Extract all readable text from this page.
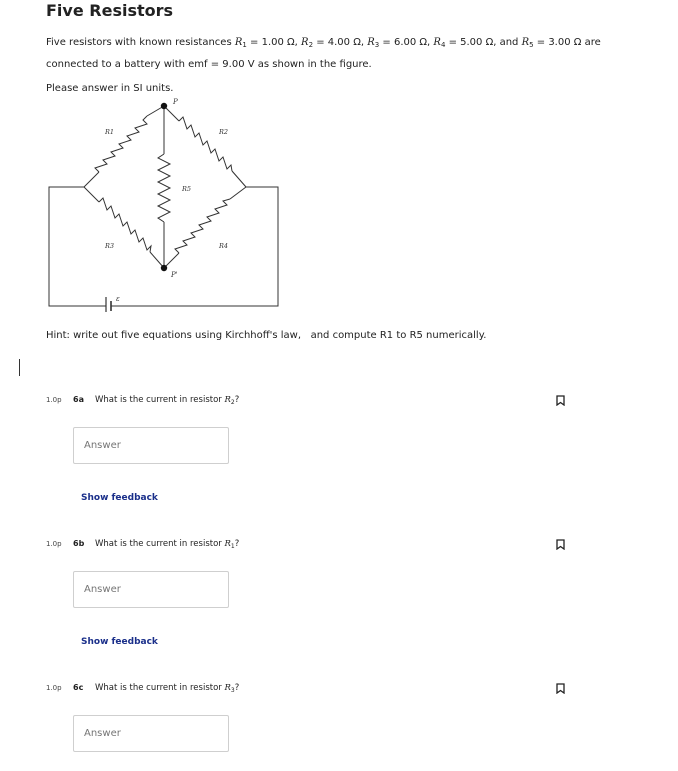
Five Resistors
Five resistors with known resistances $R_1 = 1.00$ Ω, $R_2 = 4.00$ Ω, $R_3 = 6.00$ Ω, $R_4 = 5.00$ Ω, and $R_5 = 3.00$ Ω are
connected to a battery with emf = 9.00 V as shown in the figure.
Please answer in SI units.
P
R1	R2
R5
R3	R4
P'
ε
Hint: write out five equations using Kirchhoff's law,   and compute R1 to R5 numerically.
1.0p 6a What is the current in resistor $R_2$?
Answer
Show feedback
1.0p 6b What is the current in resistor $R_1$?
Answer
Show feedback
1.0p 6c What is the current in resistor $R_3$?
Answer
